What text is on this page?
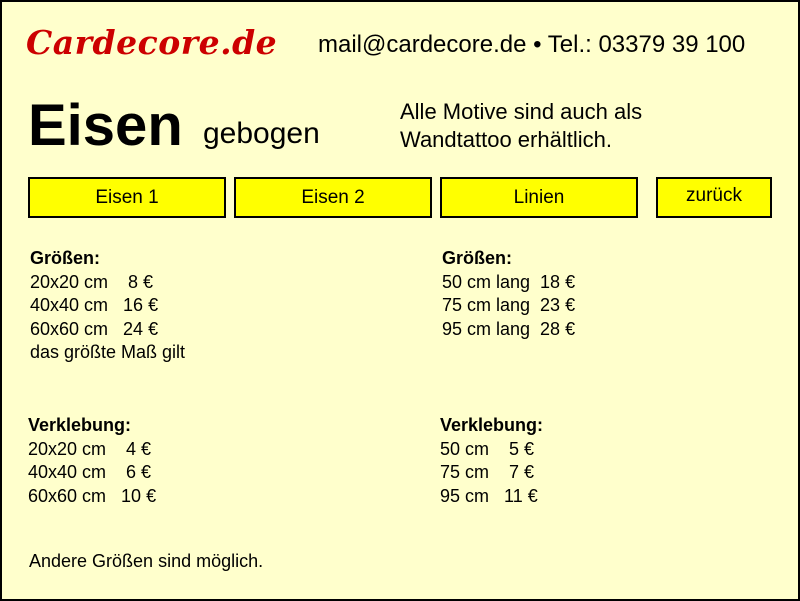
Cardecore.de mail@cardecore.de • Tel.: 03379 39 100
Eisen gebogen
Alle Motive sind auch als
Wandtattoo erhältlich.
Eisen 1	Eisen 2	Linien	zurück
Größen:
20x20 cm    8 €
40x40 cm   16 €
60x60 cm   24 €
das größte Maß gilt
Größen:
50 cm lang  18 €
75 cm lang  23 €
95 cm lang  28 €
Verklebung:
20x20 cm    4 €
40x40 cm    6 €
60x60 cm   10 €
Verklebung:
50 cm    5 €
75 cm    7 €
95 cm   11 €
Andere Größen sind möglich.
